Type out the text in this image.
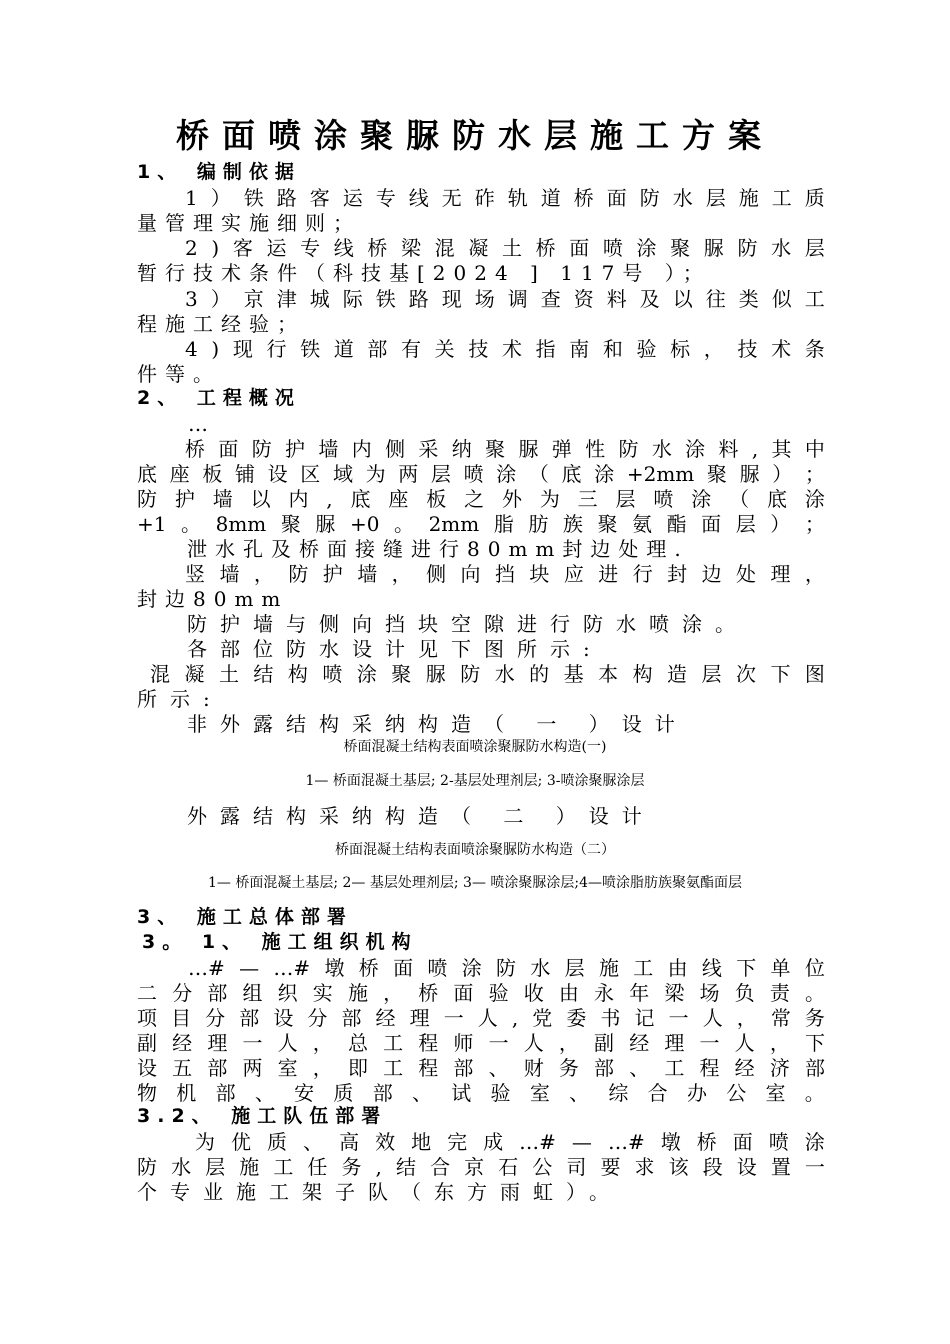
桥面喷涂聚脲防水层施工方案
1、 编制依据
1 ） 铁 路 客 运 专 线 无 砟 轨 道 桥 面 防 水 层 施 工 质
量管理实施细则；
2 ) 客 运 专 线 桥 梁 混 凝 土 桥 面 喷 涂 聚 脲 防 水 层
暂行技术条件（科技基[2024 ] 117号 ）；
3 ） 京 津 城 际 铁 路 现 场 调 查 资 料 及 以 往 类 似 工
程施工经验；
4 ) 现 行 铁 道 部 有 关 技 术 指 南 和 验 标 ， 技 术 条
件等。
2、 工程概况
…
桥 面 防 护 墙 内 侧 采 纳 聚 脲 弹 性 防 水 涂 料 , 其 中
底 座 板 铺 设 区 域 为 两 层 喷 涂 （ 底 涂 +2mm 聚 脲 ） ；
防 护 墙 以 内 , 底 座 板 之 外 为 三 层 喷 涂 （ 底 涂
+1 。 8mm 聚 脲 +0 。 2mm 脂 肪 族 聚 氨 酯 面 层 ） ；
泄水孔及桥面接缝进行80mm封边处理.
竖 墙 ， 防 护 墙 ， 侧 向 挡 块 应 进 行 封 边 处 理 ，
封边80mm
防护墙与侧向挡块空隙进行防水喷涂。
各部位防水设计见下图所示:
混 凝 土 结 构 喷 涂 聚 脲 防 水 的 基 本 构 造 层 次 下 图
所示:
非外露结构采纳构造（ 一 ）设计
桥面混凝土结构表面喷涂聚脲防水构造(一)
1— 桥面混凝土基层; 2-基层处理剂层; 3-喷涂聚脲涂层
外露结构采纳构造（ 二 ）设计
桥面混凝土结构表面喷涂聚脲防水构造（二）
1— 桥面混凝土基层; 2— 基层处理剂层; 3— 喷涂聚脲涂层;4—喷涂脂肪族聚氨酯面层
3、 施工总体部署
3。 1、 施工组织机构
…# — …# 墩 桥 面 喷 涂 防 水 层 施 工 由 线 下 单 位
二 分 部 组 织 实 施 ， 桥 面 验 收 由 永 年 梁 场 负 责 。
项 目 分 部 设 分 部 经 理 一 人 , 党 委 书 记 一 人 ， 常 务
副 经 理 一 人 ， 总 工 程 师 一 人 ， 副 经 理 一 人 ， 下
设 五 部 两 室 ， 即 工 程 部 、 财 务 部 、 工 程 经 济 部
物 机 部 、 安 质 部 、 试 验 室 、 综 合 办 公 室 。
3.2、 施工队伍部署
为 优 质 、 高 效 地 完 成 …# — …# 墩 桥 面 喷 涂
防 水 层 施 工 任 务 , 结 合 京 石 公 司 要 求 该 段 设 置 一
个专业施工架子队（东方雨虹）。
